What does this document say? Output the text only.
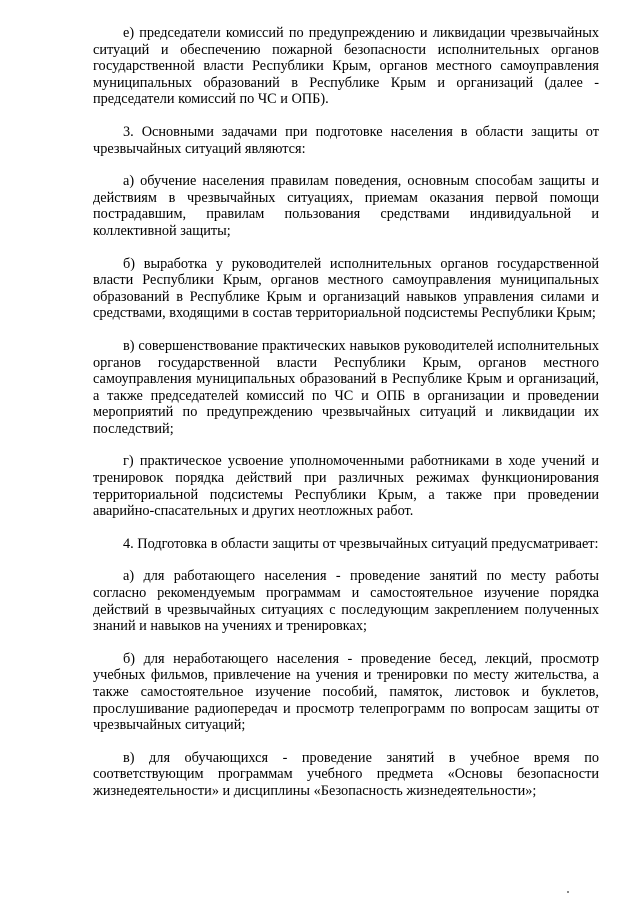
е) председатели комиссий по предупреждению и ликвидации чрезвычайных ситуаций и обеспечению пожарной безопасности исполнительных органов государственной власти Республики Крым, органов местного самоуправления муниципальных образований в Республике Крым и организаций (далее - председатели комиссий по ЧС и ОПБ).

3. Основными задачами при подготовке населения в области защиты от чрезвычайных ситуаций являются:

а) обучение населения правилам поведения, основным способам защиты и действиям в чрезвычайных ситуациях, приемам оказания первой помощи пострадавшим, правилам пользования средствами индивидуальной и коллективной защиты;

б) выработка у руководителей исполнительных органов государственной власти Республики Крым, органов местного самоуправления муниципальных образований в Республике Крым и организаций навыков управления силами и средствами, входящими в состав территориальной подсистемы Республики Крым;

в) совершенствование практических навыков руководителей исполнительных органов государственной власти Республики Крым, органов местного самоуправления муниципальных образований в Республике Крым и организаций, а также председателей комиссий по ЧС и ОПБ в организации и проведении мероприятий по предупреждению чрезвычайных ситуаций и ликвидации их последствий;

г) практическое усвоение уполномоченными работниками в ходе учений и тренировок порядка действий при различных режимах функционирования территориальной подсистемы Республики Крым, а также при проведении аварийно-спасательных и других неотложных работ.

4. Подготовка в области защиты от чрезвычайных ситуаций предусматривает:

а) для работающего населения - проведение занятий по месту работы согласно рекомендуемым программам и самостоятельное изучение порядка действий в чрезвычайных ситуациях с последующим закреплением полученных знаний и навыков на учениях и тренировках;

б) для неработающего населения - проведение бесед, лекций, просмотр учебных фильмов, привлечение на учения и тренировки по месту жительства, а также самостоятельное изучение пособий, памяток, листовок и буклетов, прослушивание радиопередач и просмотр телепрограмм по вопросам защиты от чрезвычайных ситуаций;

в) для обучающихся - проведение занятий в учебное время по соответствующим программам учебного предмета «Основы безопасности жизнедеятельности» и дисциплины «Безопасность жизнедеятельности»;
